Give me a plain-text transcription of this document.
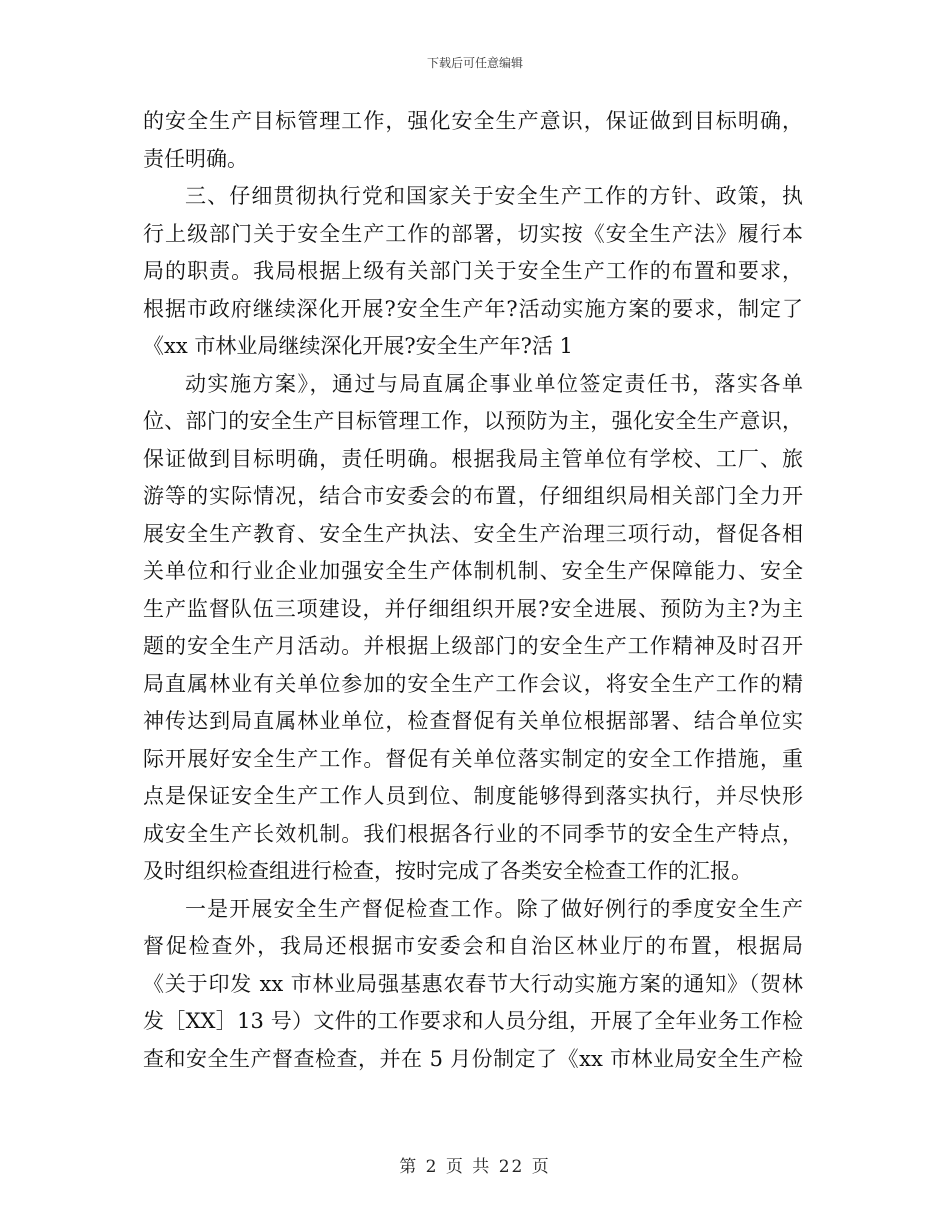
下载后可任意编辑
的安全生产目标管理工作，强化安全生产意识，保证做到目标明确，
责任明确。
三、仔细贯彻执行党和国家关于安全生产工作的方针、政策，执
行上级部门关于安全生产工作的部署，切实按《安全生产法》履行本
局的职责。我局根据上级有关部门关于安全生产工作的布置和要求，
根据市政府继续深化开展?安全生产年?活动实施方案的要求，制定了
《xx 市林业局继续深化开展?安全生产年?活 1
动实施方案》，通过与局直属企事业单位签定责任书，落实各单
位、部门的安全生产目标管理工作，以预防为主，强化安全生产意识，
保证做到目标明确，责任明确。根据我局主管单位有学校、工厂、旅
游等的实际情况，结合市安委会的布置，仔细组织局相关部门全力开
展安全生产教育、安全生产执法、安全生产治理三项行动，督促各相
关单位和行业企业加强安全生产体制机制、安全生产保障能力、安全
生产监督队伍三项建设，并仔细组织开展?安全进展、预防为主?为主
题的安全生产月活动。并根据上级部门的安全生产工作精神及时召开
局直属林业有关单位参加的安全生产工作会议，将安全生产工作的精
神传达到局直属林业单位，检查督促有关单位根据部署、结合单位实
际开展好安全生产工作。督促有关单位落实制定的安全工作措施，重
点是保证安全生产工作人员到位、制度能够得到落实执行，并尽快形
成安全生产长效机制。我们根据各行业的不同季节的安全生产特点，
及时组织检查组进行检查，按时完成了各类安全检查工作的汇报。
一是开展安全生产督促检查工作。除了做好例行的季度安全生产
督促检查外，我局还根据市安委会和自治区林业厅的布置，根据局
《关于印发 xx 市林业局强基惠农春节大行动实施方案的通知》（贺林
发［XX］13 号）文件的工作要求和人员分组，开展了全年业务工作检
查和安全生产督查检查，并在 5 月份制定了《xx 市林业局安全生产检
第 2 页 共 22 页
